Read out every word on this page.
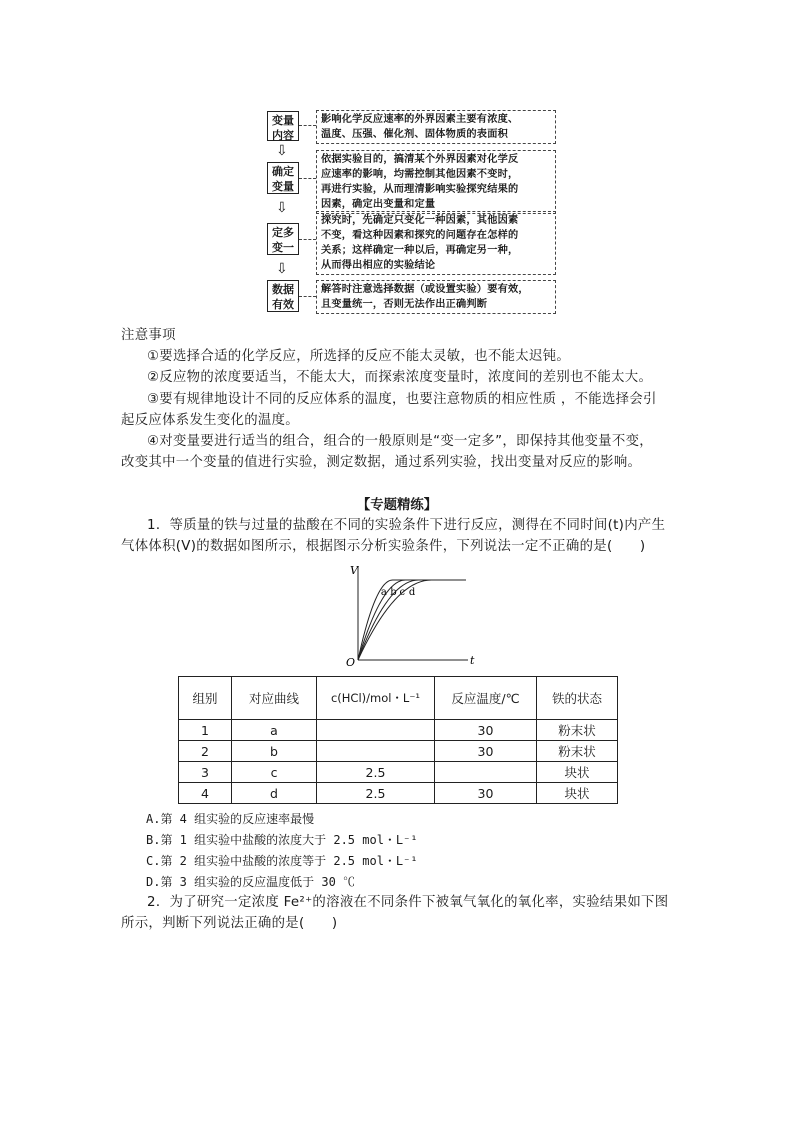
变量
内容
影响化学反应速率的外界因素主要有浓度、
温度、压强、催化剂、固体物质的表面积
⇩
确定
变量
依据实验目的，搞清某个外界因素对化学反
应速率的影响，均需控制其他因素不变时，
再进行实验，从而理清影响实验探究结果的
因素，确定出变量和定量
⇩
定多
变一
探究时，先确定只变化一种因素，其他因素
不变，看这种因素和探究的问题存在怎样的
关系；这样确定一种以后，再确定另一种，
从而得出相应的实验结论
⇩
数据
有效
解答时注意选择数据（或设置实验）要有效，
且变量统一，否则无法作出正确判断
注意事项
①要选择合适的化学反应，所选择的反应不能太灵敏，也不能太迟钝。
②反应物的浓度要适当，不能太大，而探索浓度变量时，浓度间的差别也不能太大。
③要有规律地设计不同的反应体系的温度，也要注意物质的相应性质 ，不能选择会引
起反应体系发生变化的温度。
④对变量要进行适当的组合，组合的一般原则是“变一定多”，即保持其他变量不变，
改变其中一个变量的值进行实验，测定数据，通过系列实验，找出变量对反应的影响。
【专题精练】
1．等质量的铁与过量的盐酸在不同的实验条件下进行反应，测得在不同时间(t)内产生
气体体积(V)的数据如图所示，根据图示分析实验条件，下列说法一定不正确的是(　　)
V
t
O
a b c d
组别	对应曲线	c(HCl)/mol・L⁻¹	反应温度/℃	铁的状态
1	a		30	粉末状
2	b		30	粉末状
3	c	2.5		块状
4	d	2.5	30	块状
A.第 4 组实验的反应速率最慢
B.第 1 组实验中盐酸的浓度大于 2.5 mol・L⁻¹
C.第 2 组实验中盐酸的浓度等于 2.5 mol・L⁻¹
D.第 3 组实验的反应温度低于 30 ℃
2．为了研究一定浓度 Fe²⁺的溶液在不同条件下被氧气氧化的氧化率，实验结果如下图
所示，判断下列说法正确的是(　　)
